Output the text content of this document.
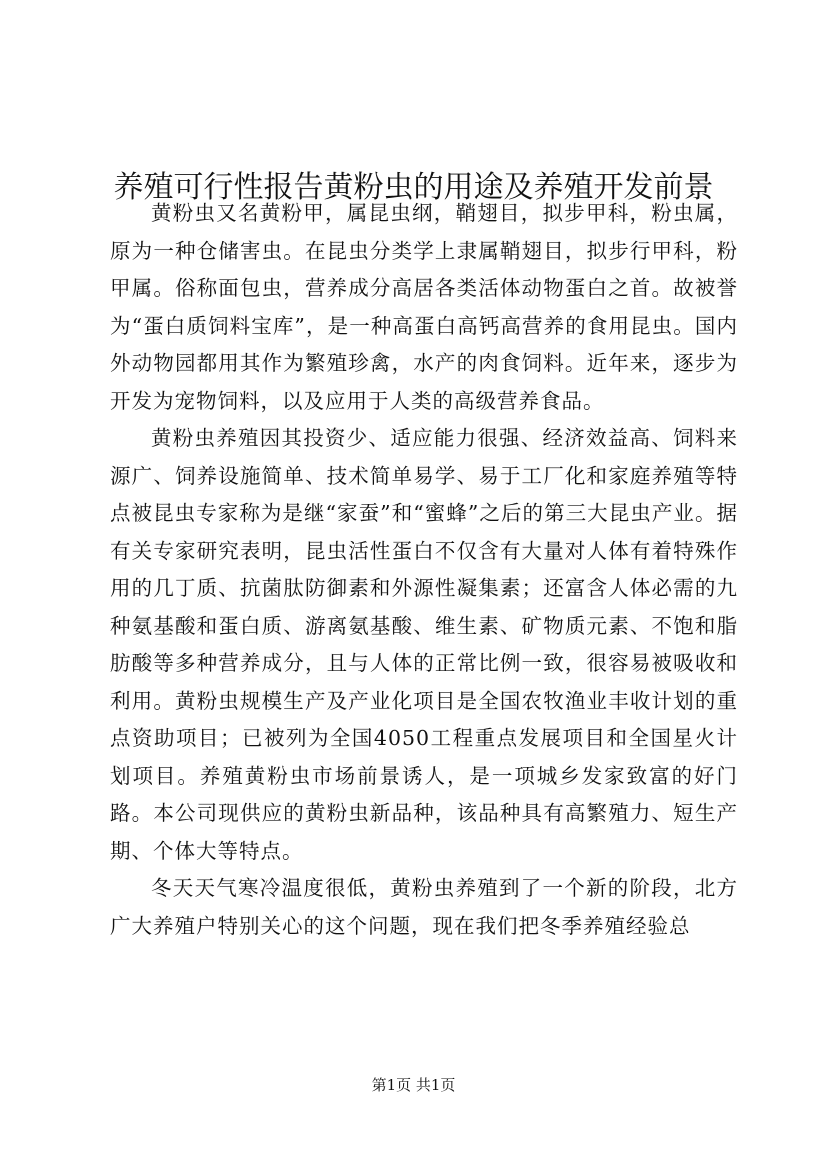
养殖可行性报告黄粉虫的用途及养殖开发前景

黄粉虫又名黄粉甲，属昆虫纲，鞘翅目，拟步甲科，粉虫属，原为一种仓储害虫。在昆虫分类学上隶属鞘翅目，拟步行甲科，粉甲属。俗称面包虫，营养成分高居各类活体动物蛋白之首。故被誉为“蛋白质饲料宝库”，是一种高蛋白高钙高营养的食用昆虫。国内外动物园都用其作为繁殖珍禽，水产的肉食饲料。近年来，逐步为开发为宠物饲料，以及应用于人类的高级营养食品。

黄粉虫养殖因其投资少、适应能力很强、经济效益高、饲料来源广、饲养设施简单、技术简单易学、易于工厂化和家庭养殖等特点被昆虫专家称为是继“家蚕”和“蜜蜂”之后的第三大昆虫产业。据有关专家研究表明，昆虫活性蛋白不仅含有大量对人体有着特殊作用的几丁质、抗菌肽防御素和外源性凝集素；还富含人体必需的九种氨基酸和蛋白质、游离氨基酸、维生素、矿物质元素、不饱和脂肪酸等多种营养成分，且与人体的正常比例一致，很容易被吸收和利用。黄粉虫规模生产及产业化项目是全国农牧渔业丰收计划的重点资助项目；已被列为全国4050工程重点发展项目和全国星火计划项目。养殖黄粉虫市场前景诱人，是一项城乡发家致富的好门路。本公司现供应的黄粉虫新品种，该品种具有高繁殖力、短生产期、个体大等特点。

冬天天气寒冷温度很低，黄粉虫养殖到了一个新的阶段，北方广大养殖户特别关心的这个问题，现在我们把冬季养殖经验总

第1页 共1页
